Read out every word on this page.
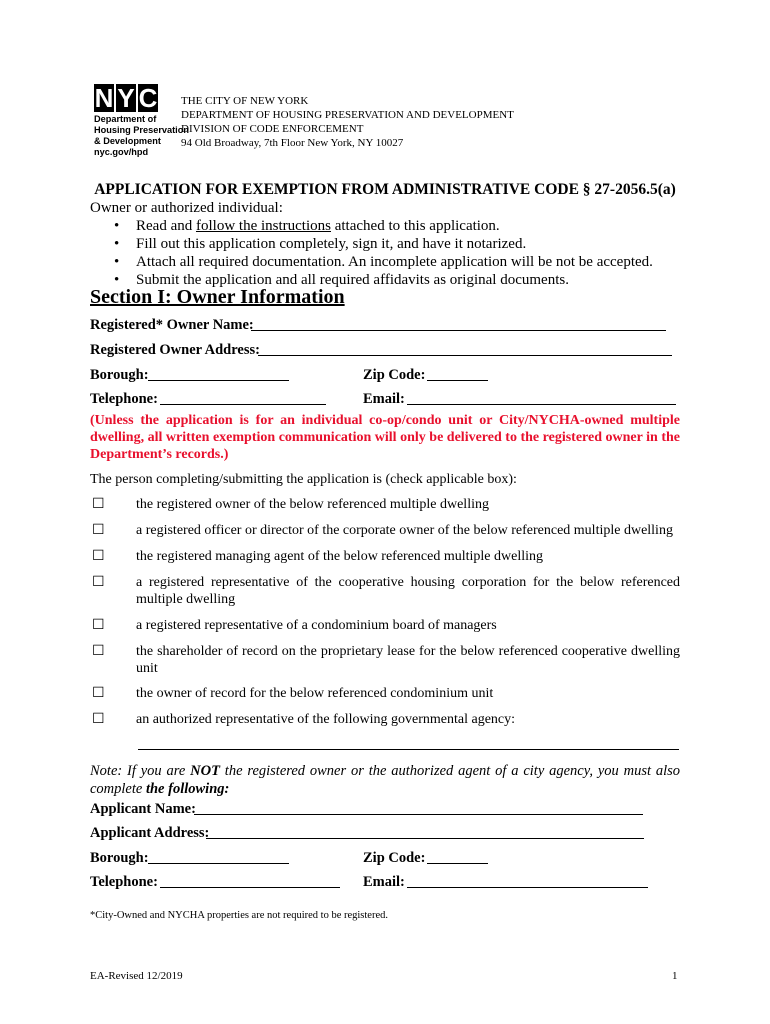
N Y C
Department of
Housing Preservation
& Development
nyc.gov/hpd
THE CITY OF NEW YORK
DEPARTMENT OF HOUSING PRESERVATION AND DEVELOPMENT
DIVISION OF CODE ENFORCEMENT
94 Old Broadway, 7th Floor New York, NY 10027
APPLICATION FOR EXEMPTION FROM ADMINISTRATIVE CODE § 27-2056.5(a)
Owner or authorized individual:
• Read and follow the instructions attached to this application.
• Fill out this application completely, sign it, and have it notarized.
• Attach all required documentation. An incomplete application will be not be accepted.
• Submit the application and all required affidavits as original documents.
Section I: Owner Information
Registered* Owner Name:
Registered Owner Address:
Borough:	Zip Code:
Telephone:	Email:
(Unless the application is for an individual co-op/condo unit or City/NYCHA-owned multiple dwelling, all written exemption communication will only be delivered to the registered owner in the Department’s records.)
The person completing/submitting the application is (check applicable box):
☐ the registered owner of the below referenced multiple dwelling
☐ a registered officer or director of the corporate owner of the below referenced multiple dwelling
☐ the registered managing agent of the below referenced multiple dwelling
☐ a registered representative of the cooperative housing corporation for the below referenced multiple dwelling
☐ a registered representative of a condominium board of managers
☐ the shareholder of record on the proprietary lease for the below referenced cooperative dwelling unit
☐ the owner of record for the below referenced condominium unit
☐ an authorized representative of the following governmental agency:
Note: If you are NOT the registered owner or the authorized agent of a city agency, you must also complete the following:
Applicant Name:
Applicant Address:
Borough:	Zip Code:
Telephone:	Email:
*City-Owned and NYCHA properties are not required to be registered.
EA-Revised 12/2019	1
